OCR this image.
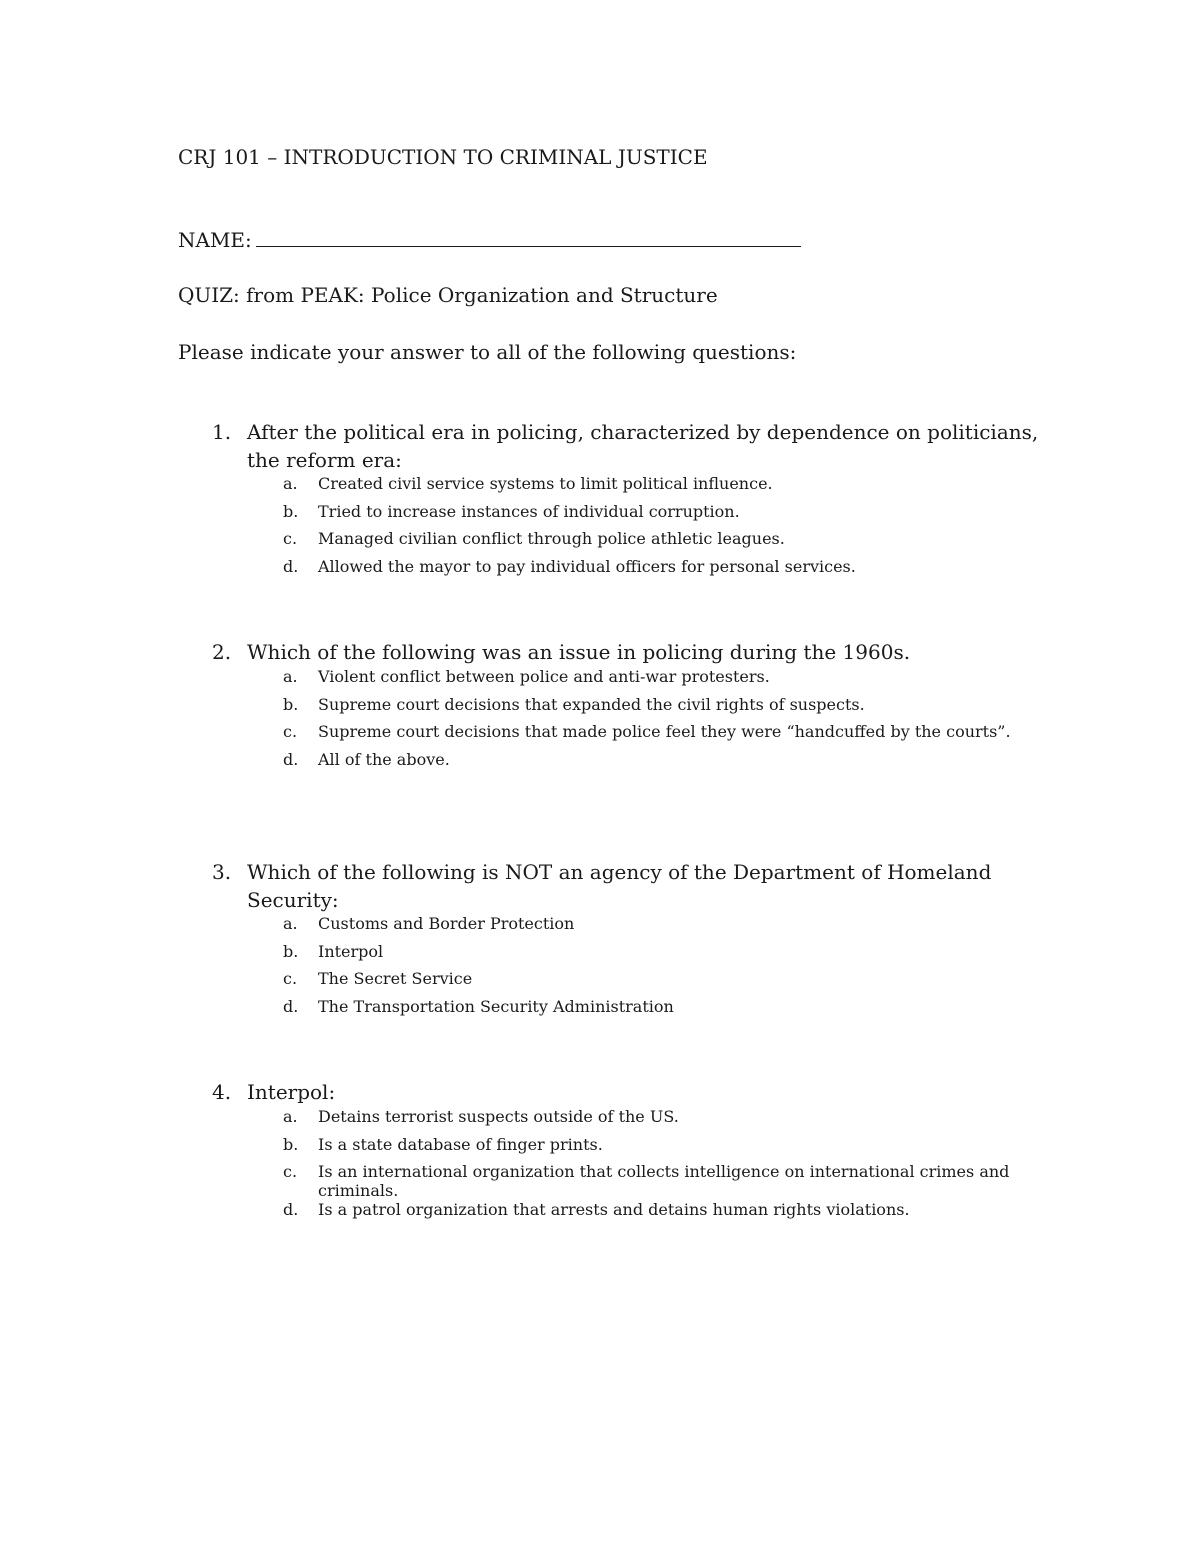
CRJ 101 – INTRODUCTION TO CRIMINAL JUSTICE
NAME:
QUIZ: from PEAK: Police Organization and Structure
Please indicate your answer to all of the following questions:
1. After the political era in policing, characterized by dependence on politicians, the reform era:
a. Created civil service systems to limit political influence.
b. Tried to increase instances of individual corruption.
c. Managed civilian conflict through police athletic leagues.
d. Allowed the mayor to pay individual officers for personal services.
2. Which of the following was an issue in policing during the 1960s.
a. Violent conflict between police and anti-war protesters.
b. Supreme court decisions that expanded the civil rights of suspects.
c. Supreme court decisions that made police feel they were “handcuffed by the courts”.
d. All of the above.
3. Which of the following is NOT an agency of the Department of Homeland Security:
a. Customs and Border Protection
b. Interpol
c. The Secret Service
d. The Transportation Security Administration
4. Interpol:
a. Detains terrorist suspects outside of the US.
b. Is a state database of finger prints.
c. Is an international organization that collects intelligence on international crimes and criminals.
d. Is a patrol organization that arrests and detains human rights violations.
